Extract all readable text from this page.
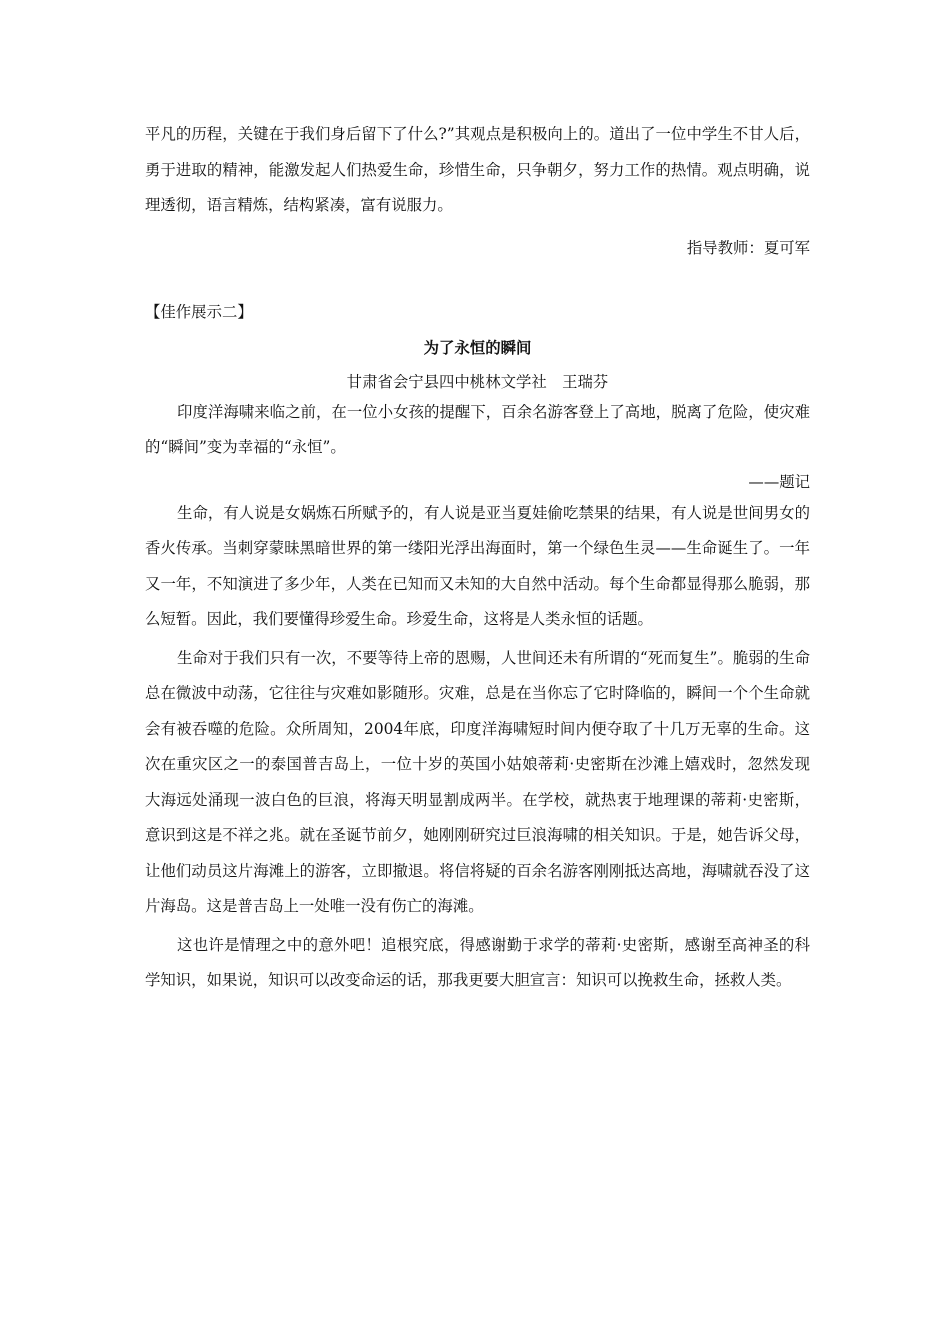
平凡的历程，关键在于我们身后留下了什么?”其观点是积极向上的。道出了一位中学生不甘人后，勇于进取的精神，能激发起人们热爱生命，珍惜生命，只争朝夕，努力工作的热情。观点明确，说理透彻，语言精炼，结构紧凑，富有说服力。

指导教师：夏可军

【佳作展示二】

为了永恒的瞬间

甘肃省会宁县四中桃林文学社　王瑞芬

印度洋海啸来临之前，在一位小女孩的提醒下，百余名游客登上了高地，脱离了危险，使灾难的“瞬间”变为幸福的“永恒”。

——题记

生命，有人说是女娲炼石所赋予的，有人说是亚当夏娃偷吃禁果的结果，有人说是世间男女的香火传承。当刺穿蒙昧黑暗世界的第一缕阳光浮出海面时，第一个绿色生灵——生命诞生了。一年又一年，不知演进了多少年，人类在已知而又未知的大自然中活动。每个生命都显得那么脆弱，那么短暂。因此，我们要懂得珍爱生命。珍爱生命，这将是人类永恒的话题。

生命对于我们只有一次，不要等待上帝的恩赐，人世间还未有所谓的“死而复生”。脆弱的生命总在微波中动荡，它往往与灾难如影随形。灾难，总是在当你忘了它时降临的，瞬间一个个生命就会有被吞噬的危险。众所周知，2004年底，印度洋海啸短时间内便夺取了十几万无辜的生命。这次在重灾区之一的泰国普吉岛上，一位十岁的英国小姑娘蒂莉·史密斯在沙滩上嬉戏时，忽然发现大海远处涌现一波白色的巨浪，将海天明显割成两半。在学校，就热衷于地理课的蒂莉·史密斯，意识到这是不祥之兆。就在圣诞节前夕，她刚刚研究过巨浪海啸的相关知识。于是，她告诉父母，让他们动员这片海滩上的游客，立即撤退。将信将疑的百余名游客刚刚抵达高地，海啸就吞没了这片海岛。这是普吉岛上一处唯一没有伤亡的海滩。

这也许是情理之中的意外吧！追根究底，得感谢勤于求学的蒂莉·史密斯，感谢至高神圣的科学知识，如果说，知识可以改变命运的话，那我更要大胆宣言：知识可以挽救生命，拯救人类。
